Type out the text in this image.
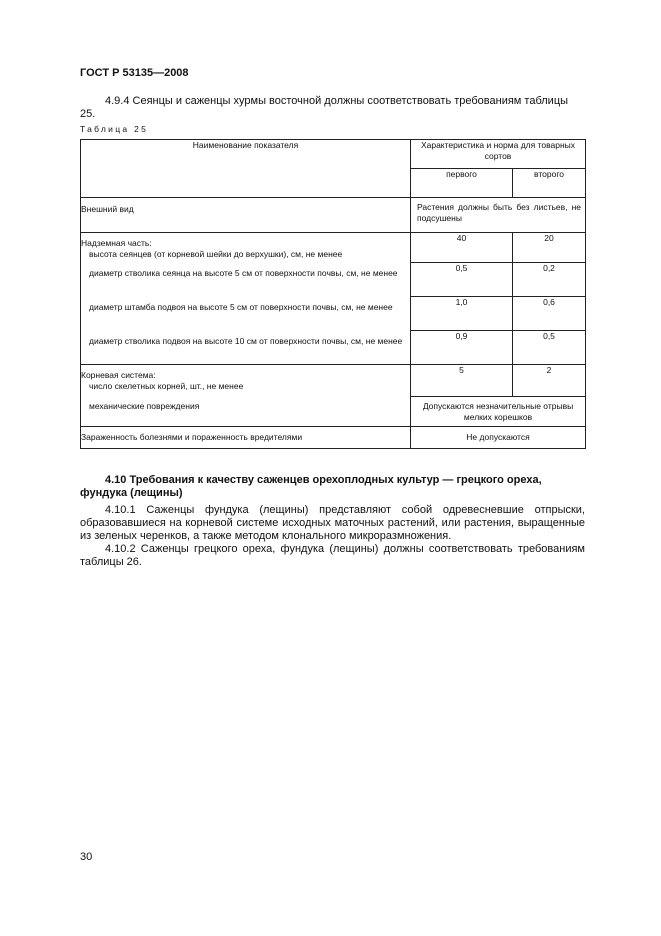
ГОСТ Р 53135—2008
4.9.4 Сеянцы и саженцы хурмы восточной должны соответствовать требованиям таблицы 25.
Таблица 25
Наименование показателя	Характеристика и норма для товарных сортов	
	первого	второго
Внешний вид	Растения должны быть без листьев, не подсушены	

Надземная часть:
высота сеянцев (от корневой шейки до верхушки), см, не менее	40	20

диаметр стволика сеянца на высоте 5 см от поверхности почвы, см, не менее	0,5	0,2

диаметр штамба подвоя на высоте 5 см от поверхности почвы, см, не менее	1,0	0,6

диаметр стволика подвоя на высоте 10 см от поверхности почвы, см, не менее	0,9	0,5

Корневая система:
число скелетных корней, шт., не менее	5	2

механические повреждения	Допускаются незначительные отрывы мелких корешков	
Зараженность болезнями и пораженность вредителями	Не допускаются	
4.10 Требования к качеству саженцев орехоплодных культур — грецкого ореха, фундука (лещины)
4.10.1 Саженцы фундука (лещины) представляют собой одревесневшие отпрыски, образовавшиеся на корневой системе исходных маточных растений, или растения, выращенные из зеленых черенков, а также методом клонального микроразмножения.
4.10.2 Саженцы грецкого ореха, фундука (лещины) должны соответствовать требованиям таблицы 26.
30
